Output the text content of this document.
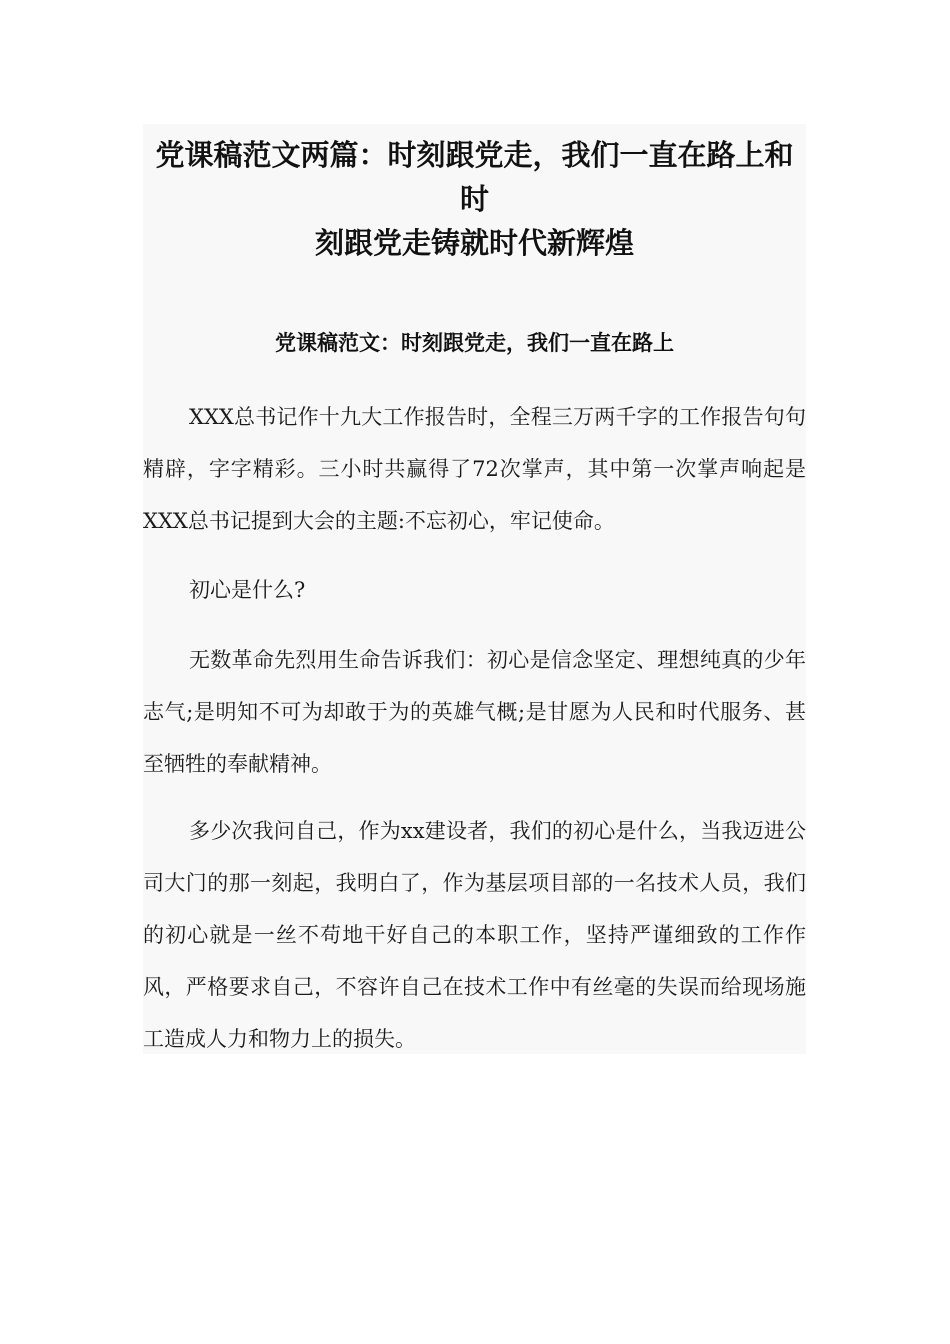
党课稿范文两篇：时刻跟党走，我们一直在路上和时
刻跟党走铸就时代新辉煌
党课稿范文：时刻跟党走，我们一直在路上

XXX总书记作十九大工作报告时，全程三万两千字的工作报告句句精辟，字字精彩。三小时共赢得了72次掌声，其中第一次掌声响起是XXX总书记提到大会的主题:不忘初心，牢记使命。

初心是什么?

无数革命先烈用生命告诉我们：初心是信念坚定、理想纯真的少年志气;是明知不可为却敢于为的英雄气概;是甘愿为人民和时代服务、甚至牺牲的奉献精神。

多少次我问自己，作为xx建设者，我们的初心是什么，当我迈进公司大门的那一刻起，我明白了，作为基层项目部的一名技术人员，我们的初心就是一丝不苟地干好自己的本职工作，坚持严谨细致的工作作风，严格要求自己，不容许自己在技术工作中有丝毫的失误而给现场施工造成人力和物力上的损失。
